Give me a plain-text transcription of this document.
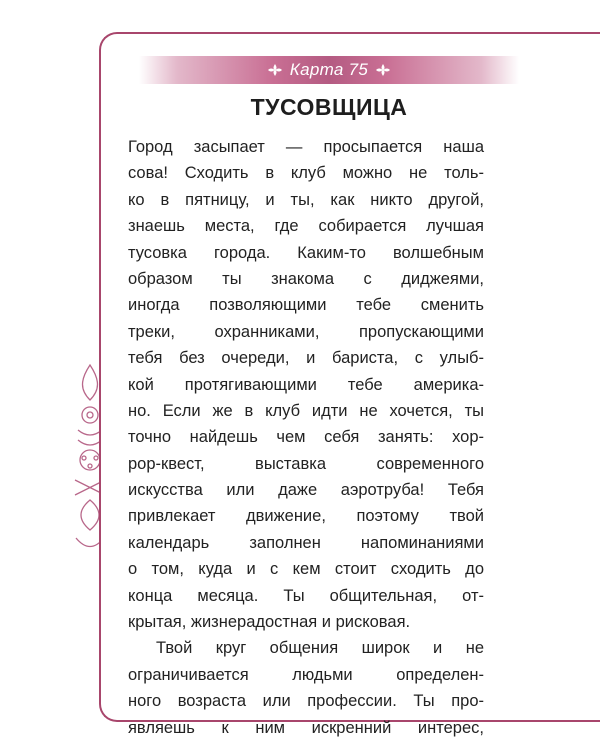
Карта 75
ТУСОВЩИЦА
Город засыпает — просыпается наша
сова! Сходить в клуб можно не толь-
ко в пятницу, и ты, как никто другой,
знаешь места, где собирается лучшая
тусовка города. Каким-то волшебным
образом ты знакома с диджеями,
иногда позволяющими тебе сменить
треки, охранниками, пропускающими
тебя без очереди, и бариста, с улыб-
кой протягивающими тебе америка-
но. Если же в клуб идти не хочется, ты
точно найдешь чем себя занять: хор-
рор-квест, выставка современного
искусства или даже аэротруба! Тебя
привлекает движение, поэтому твой
календарь заполнен напоминаниями
о том, куда и с кем стоит сходить до
конца месяца. Ты общительная, от-
крытая, жизнерадостная и рисковая.
Твой круг общения широк и не
ограничивается людьми определен-
ного возраста или профессии. Ты про-
являешь к ним искренний интерес,
